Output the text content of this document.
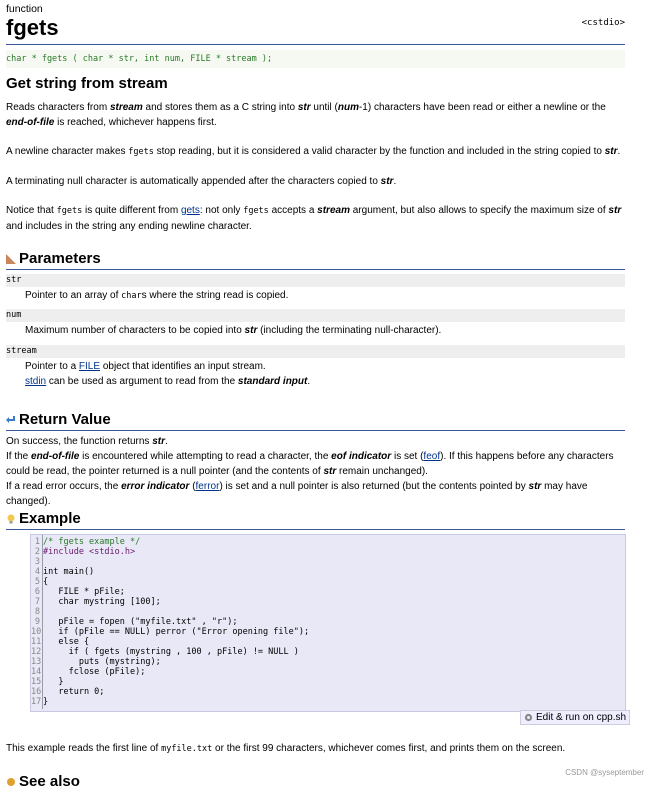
function
fgets	<cstdio>
char * fgets ( char * str, int num, FILE * stream );
Get string from stream

Reads characters from stream and stores them as a C string into str until (num-1) characters have been read or either a newline or the end-of-file is reached, whichever happens first.

A newline character makes fgets stop reading, but it is considered a valid character by the function and included in the string copied to str.

A terminating null character is automatically appended after the characters copied to str.

Notice that fgets is quite different from gets: not only fgets accepts a stream argument, but also allows to specify the maximum size of str and includes in the string any ending newline character.

Parameters
str

Pointer to an array of chars where the string read is copied.

num

Maximum number of characters to be copied into str (including the terminating null-character).

stream

Pointer to a FILE object that identifies an input stream.
stdin can be used as argument to read from the standard input.

Return Value

On success, the function returns str.
If the end-of-file is encountered while attempting to read a character, the eof indicator is set (feof). If this happens before any characters could be read, the pointer returned is a null pointer (and the contents of str remain unchanged).
If a read error occurs, the error indicator (ferror) is set and a null pointer is also returned (but the contents pointed by str may have changed).

Example
1 /* fgets example */
2 #include <stdio.h>
3
4 int main()
5 {
6 FILE * pFile;
7 char mystring [100];
8
9 pFile = fopen ("myfile.txt" , "r");
10 if (pFile == NULL) perror ("Error opening file");
11 else {
12 if ( fgets (mystring , 100 , pFile) != NULL )
13 puts (mystring);
14 fclose (pFile);
15 }
16 return 0;
17 }
Edit & run on cpp.sh

This example reads the first line of myfile.txt or the first 99 characters, whichever comes first, and prints them on the screen.

See also
CSDN @syseptember
